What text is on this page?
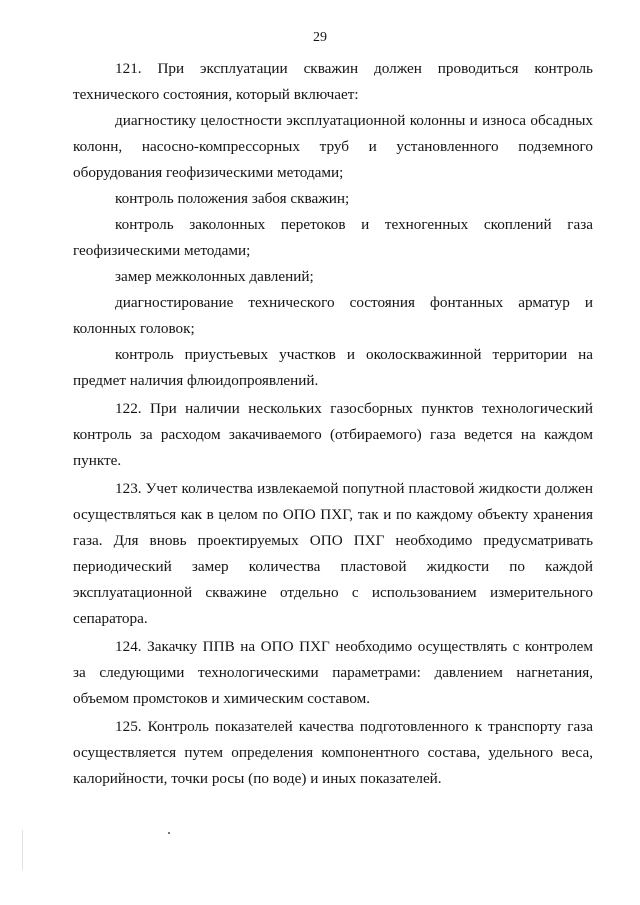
29

121. При эксплуатации скважин должен проводиться контроль технического состояния, который включает:

диагностику целостности эксплуатационной колонны и износа обсадных колонн, насосно-компрессорных труб и установленного подземного оборудования геофизическими методами;

контроль положения забоя скважин;

контроль заколонных перетоков и техногенных скоплений газа геофизическими методами;

замер межколонных давлений;

диагностирование технического состояния фонтанных арматур и колонных головок;

контроль приустьевых участков и околоскважинной территории на предмет наличия флюидопроявлений.

122. При наличии нескольких газосборных пунктов технологический контроль за расходом закачиваемого (отбираемого) газа ведется на каждом пункте.

123. Учет количества извлекаемой попутной пластовой жидкости должен осуществляться как в целом по ОПО ПХГ, так и по каждому объекту хранения газа. Для вновь проектируемых ОПО ПХГ необходимо предусматривать периодический замер количества пластовой жидкости по каждой эксплуатационной скважине отдельно с использованием измерительного сепаратора.

124. Закачку ППВ на ОПО ПХГ необходимо осуществлять с контролем за следующими технологическими параметрами: давлением нагнетания, объемом промстоков и химическим составом.

125. Контроль показателей качества подготовленного к транспорту газа осуществляется путем определения компонентного состава, удельного веса, калорийности, точки росы (по воде) и иных показателей.
